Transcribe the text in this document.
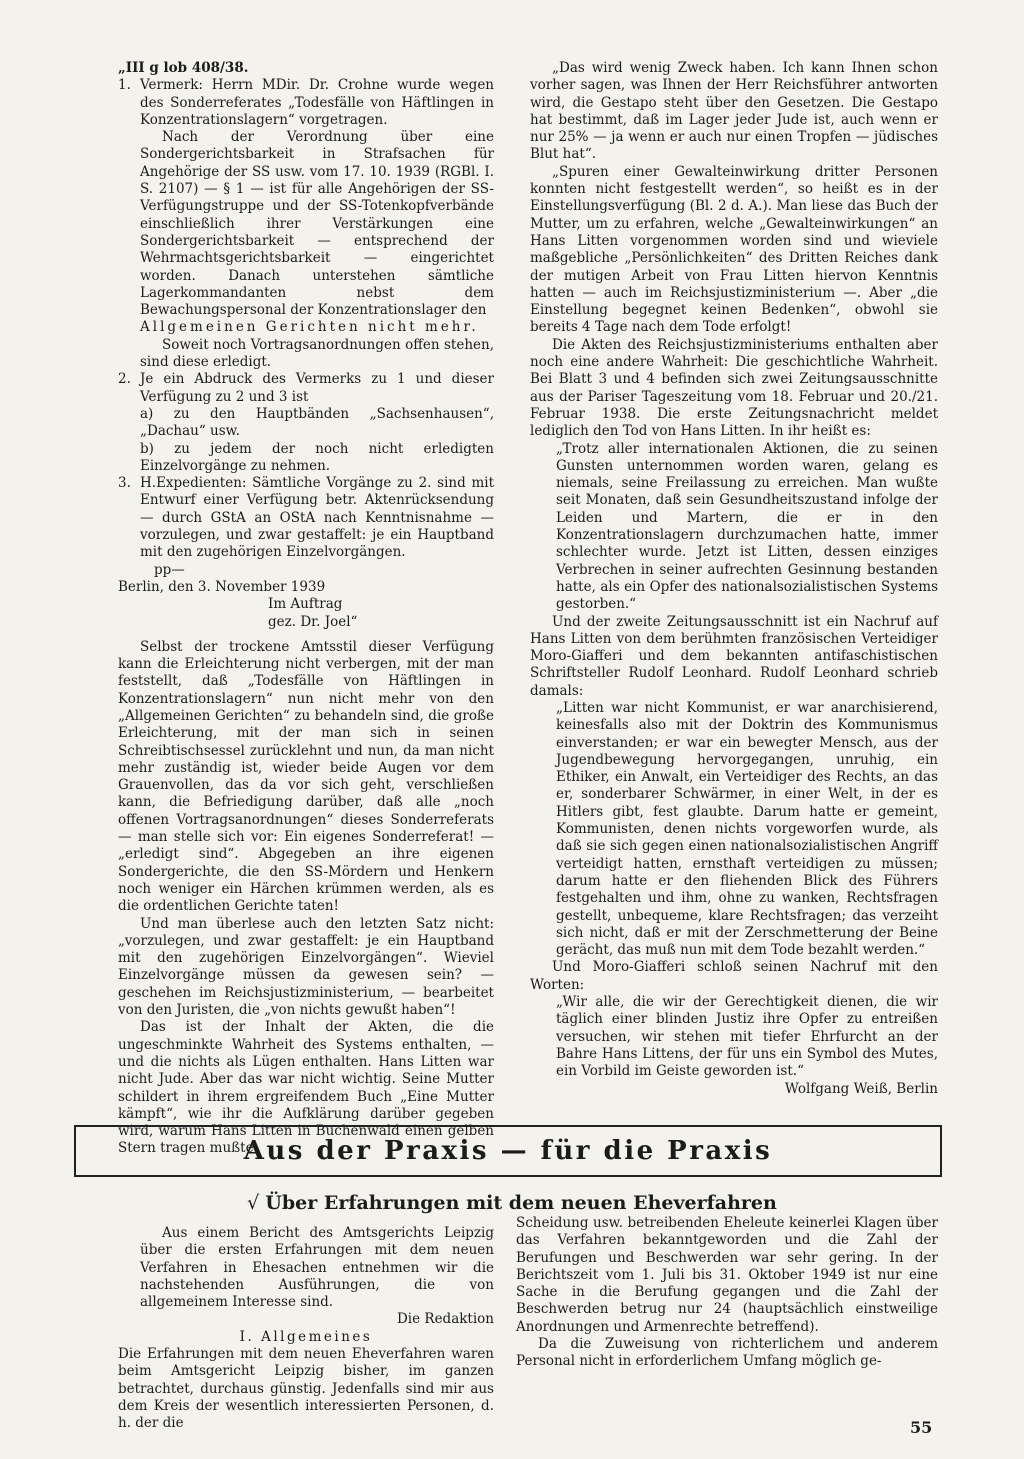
„III g lob 408/38.

1. Vermerk: Herrn MDir. Dr. Crohne wurde wegen des Sonderreferates „Todesfälle von Häftlingen in Konzentrationslagern“ vorgetragen.

Nach der Verordnung über eine Sondergerichtsbarkeit in Strafsachen für Angehörige der SS usw. vom 17. 10. 1939 (RGBl. I. S. 2107) — § 1 — ist für alle Angehörigen der SS-Verfügungstruppe und der SS-Totenkopfverbände einschließlich ihrer Verstärkungen eine Sondergerichtsbarkeit — entsprechend der Wehrmachtsgerichtsbarkeit — eingerichtet worden. Danach unterstehen sämtliche Lagerkommandanten nebst dem Bewachungspersonal der Konzentrationslager den

Allgemeinen Gerichten nicht mehr.

Soweit noch Vortragsanordnungen offen stehen, sind diese erledigt.

2. Je ein Abdruck des Vermerks zu 1 und dieser Verfügung zu 2 und 3 ist

a) zu den Hauptbänden „Sachsenhausen“, „Dachau“ usw.

b) zu jedem der noch nicht erledigten Einzelvorgänge zu nehmen.

3. H.Expedienten: Sämtliche Vorgänge zu 2. sind mit Entwurf einer Verfügung betr. Aktenrücksendung — durch GStA an OStA nach Kenntnisnahme — vorzulegen, und zwar gestaffelt: je ein Hauptband mit den zugehörigen Einzelvorgängen.

pp—

Berlin, den 3. November 1939

Im Auftrag

gez. Dr. Joel“

Selbst der trockene Amtsstil dieser Verfügung kann die Erleichterung nicht verbergen, mit der man feststellt, daß „Todesfälle von Häftlingen in Konzentrationslagern“ nun nicht mehr von den „Allgemeinen Gerichten“ zu behandeln sind, die große Erleichterung, mit der man sich in seinen Schreibtischsessel zurücklehnt und nun, da man nicht mehr zuständig ist, wieder beide Augen vor dem Grauenvollen, das da vor sich geht, verschließen kann, die Befriedigung darüber, daß alle „noch offenen Vortragsanordnungen“ dieses Sonderreferats — man stelle sich vor: Ein eigenes Sonderreferat! — „erledigt sind“. Abgegeben an ihre eigenen Sondergerichte, die den SS-Mördern und Henkern noch weniger ein Härchen krümmen werden, als es die ordentlichen Gerichte taten!

Und man überlese auch den letzten Satz nicht: „vorzulegen, und zwar gestaffelt: je ein Hauptband mit den zugehörigen Einzelvorgängen“. Wieviel Einzelvorgänge müssen da gewesen sein? — geschehen im Reichsjustizministerium, — bearbeitet von den Juristen, die „von nichts gewußt haben“!

Das ist der Inhalt der Akten, die die ungeschminkte Wahrheit des Systems enthalten, — und die nichts als Lügen enthalten. Hans Litten war nicht Jude. Aber das war nicht wichtig. Seine Mutter schildert in ihrem ergreifendem Buch „Eine Mutter kämpft“, wie ihr die Aufklärung darüber gegeben wird, warum Hans Litten in Buchenwald einen gelben Stern tragen mußte.

„Das wird wenig Zweck haben. Ich kann Ihnen schon vorher sagen, was Ihnen der Herr Reichsführer antworten wird, die Gestapo steht über den Gesetzen. Die Gestapo hat bestimmt, daß im Lager jeder Jude ist, auch wenn er nur 25% — ja wenn er auch nur einen Tropfen — jüdisches Blut hat“.

„Spuren einer Gewalteinwirkung dritter Personen konnten nicht festgestellt werden“, so heißt es in der Einstellungsverfügung (Bl. 2 d. A.). Man liese das Buch der Mutter, um zu erfahren, welche „Gewalteinwirkungen“ an Hans Litten vorgenommen worden sind und wieviele maßgebliche „Persönlichkeiten“ des Dritten Reiches dank der mutigen Arbeit von Frau Litten hiervon Kenntnis hatten — auch im Reichsjustizministerium —. Aber „die Einstellung begegnet keinen Bedenken“, obwohl sie bereits 4 Tage nach dem Tode erfolgt!

Die Akten des Reichsjustizministeriums enthalten aber noch eine andere Wahrheit: Die geschichtliche Wahrheit. Bei Blatt 3 und 4 befinden sich zwei Zeitungsausschnitte aus der Pariser Tageszeitung vom 18. Februar und 20./21. Februar 1938. Die erste Zeitungsnachricht meldet lediglich den Tod von Hans Litten. In ihr heißt es:

„Trotz aller internationalen Aktionen, die zu seinen Gunsten unternommen worden waren, gelang es niemals, seine Freilassung zu erreichen. Man wußte seit Monaten, daß sein Gesundheitszustand infolge der Leiden und Martern, die er in den Konzentrationslagern durchzumachen hatte, immer schlechter wurde. Jetzt ist Litten, dessen einziges Verbrechen in seiner aufrechten Gesinnung bestanden hatte, als ein Opfer des nationalsozialistischen Systems gestorben.“

Und der zweite Zeitungsausschnitt ist ein Nachruf auf Hans Litten von dem berühmten französischen Verteidiger Moro-Giafferi und dem bekannten antifaschistischen Schriftsteller Rudolf Leonhard. Rudolf Leonhard schrieb damals:

„Litten war nicht Kommunist, er war anarchisierend, keinesfalls also mit der Doktrin des Kommunismus einverstanden; er war ein bewegter Mensch, aus der Jugendbewegung hervorgegangen, unruhig, ein Ethiker, ein Anwalt, ein Verteidiger des Rechts, an das er, sonderbarer Schwärmer, in einer Welt, in der es Hitlers gibt, fest glaubte. Darum hatte er gemeint, Kommunisten, denen nichts vorgeworfen wurde, als daß sie sich gegen einen nationalsozialistischen Angriff verteidigt hatten, ernsthaft verteidigen zu müssen; darum hatte er den fliehenden Blick des Führers festgehalten und ihm, ohne zu wanken, Rechtsfragen gestellt, unbequeme, klare Rechtsfragen; das verzeiht sich nicht, daß er mit der Zerschmetterung der Beine gerächt, das muß nun mit dem Tode bezahlt werden.“

Und Moro-Giafferi schloß seinen Nachruf mit den Worten:

„Wir alle, die wir der Gerechtigkeit dienen, die wir täglich einer blinden Justiz ihre Opfer zu entreißen versuchen, wir stehen mit tiefer Ehrfurcht an der Bahre Hans Littens, der für uns ein Symbol des Mutes, ein Vorbild im Geiste geworden ist.“

Wolfgang Weiß, Berlin

Aus der Praxis — für die Praxis
√ Über Erfahrungen mit dem neuen Eheverfahren

Aus einem Bericht des Amtsgerichts Leipzig über die ersten Erfahrungen mit dem neuen Verfahren in Ehesachen entnehmen wir die nachstehenden Ausführungen, die von allgemeinem Interesse sind.

Die Redaktion

I. Allgemeines

Die Erfahrungen mit dem neuen Eheverfahren waren beim Amtsgericht Leipzig bisher, im ganzen betrachtet, durchaus günstig. Jedenfalls sind mir aus dem Kreis der wesentlich interessierten Personen, d. h. der die

Scheidung usw. betreibenden Eheleute keinerlei Klagen über das Verfahren bekanntgeworden und die Zahl der Berufungen und Beschwerden war sehr gering. In der Berichtszeit vom 1. Juli bis 31. Oktober 1949 ist nur eine Sache in die Berufung gegangen und die Zahl der Beschwerden betrug nur 24 (hauptsächlich einstweilige Anordnungen und Armenrechte betreffend).

Da die Zuweisung von richterlichem und anderem Personal nicht in erforderlichem Umfang möglich ge-

55
